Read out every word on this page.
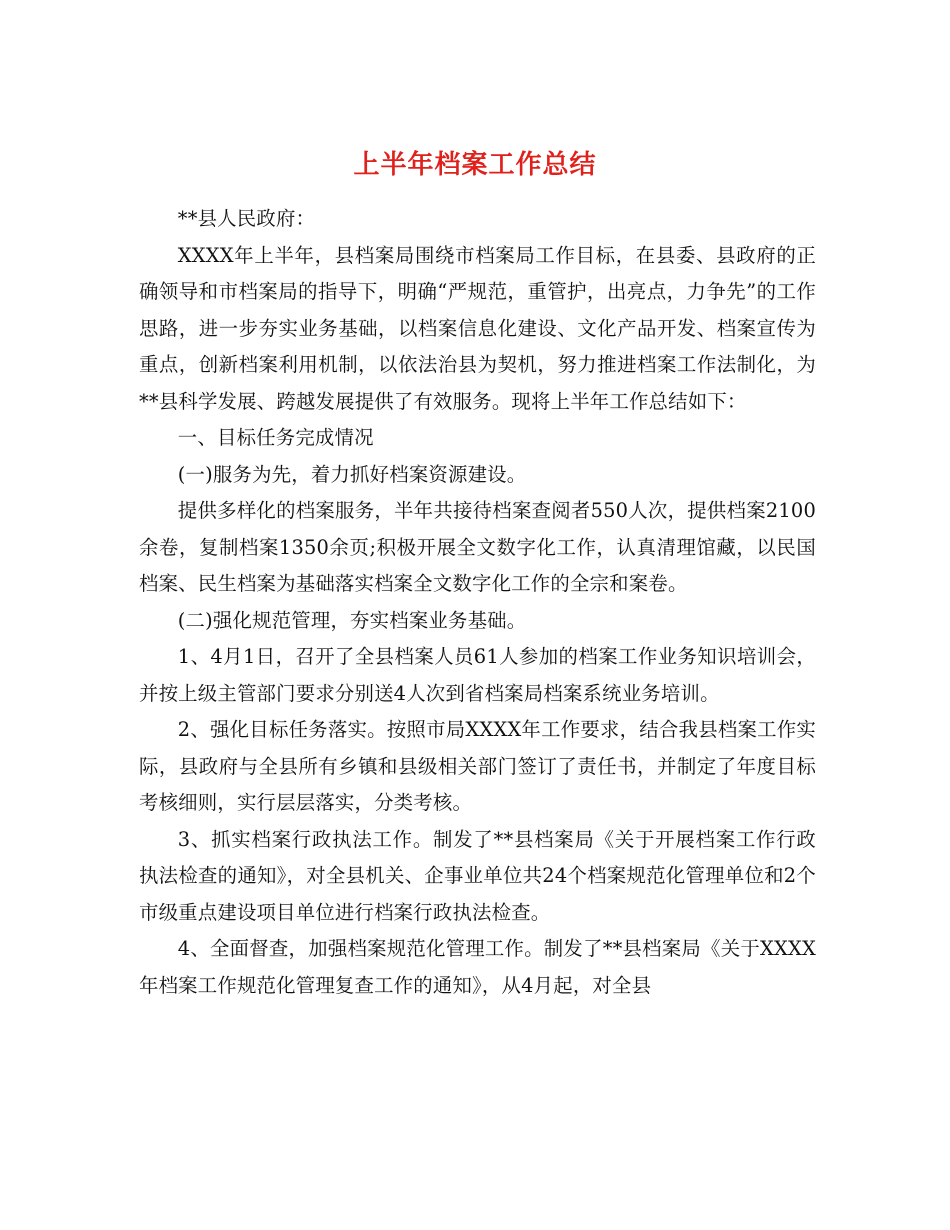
上半年档案工作总结

**县人民政府：

XXXX年上半年，县档案局围绕市档案局工作目标，在县委、县政府的正确领导和市档案局的指导下，明确“严规范，重管护，出亮点，力争先”的工作思路，进一步夯实业务基础，以档案信息化建设、文化产品开发、档案宣传为重点，创新档案利用机制，以依法治县为契机，努力推进档案工作法制化，为**县科学发展、跨越发展提供了有效服务。现将上半年工作总结如下：

一、目标任务完成情况

(一)服务为先，着力抓好档案资源建设。

提供多样化的档案服务，半年共接待档案查阅者550人次，提供档案2100余卷，复制档案1350余页;积极开展全文数字化工作，认真清理馆藏，以民国档案、民生档案为基础落实档案全文数字化工作的全宗和案卷。

(二)强化规范管理，夯实档案业务基础。

1、4月1日，召开了全县档案人员61人参加的档案工作业务知识培训会，并按上级主管部门要求分别送4人次到省档案局档案系统业务培训。

2、强化目标任务落实。按照市局XXXX年工作要求，结合我县档案工作实际，县政府与全县所有乡镇和县级相关部门签订了责任书，并制定了年度目标考核细则，实行层层落实，分类考核。

3、抓实档案行政执法工作。制发了**县档案局《关于开展档案工作行政执法检查的通知》，对全县机关、企事业单位共24个档案规范化管理单位和2个市级重点建设项目单位进行档案行政执法检查。

4、全面督查，加强档案规范化管理工作。制发了**县档案局《关于XXXX年档案工作规范化管理复查工作的通知》，从4月起，对全县
